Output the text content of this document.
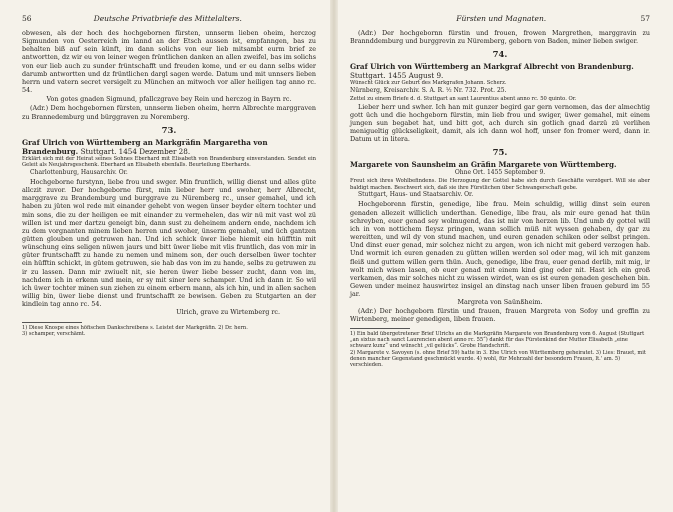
56	Deutsche Privatbriefe des Mittelalters.

obwesen, als der hoch des hochgebornen fürsten, unnserm lieben oheim, herczog Sigmunden von Oesterreich im lannd an der Etsch aussen ist, empfanngen, bas zu behalten biß auf sein künft, im dann solichs von eur lieb mitsambt eurm brief ze antwortten, dz wir eu von leiner wegen früntlichen danken an allen zweifel, bas im solichs von eur lieb auch zu sunder früntschafft und freuden kome, und er eu dann selbs wider darumb antwortten und dz früntlichen dargl sagen werde. Datum und mit unnsers lieben herrn und vatern secret versigelt zu München an mitwoch vor aller heiligen tag anno rc. 54.

Von gotes gnaden Sigmund, pfallczgrave bey Rein und herczog in Bayrn rc.

(Adr.) Dem hochgebornen fürsten, unnserm lieben oheim, herrn Albrechte marggraven zu Brannedemburg und bürggraven zu Noremberg.

73.

Graf Ulrich von Württemberg an Markgräfin Margaretha von Brandenburg. Stuttgart. 1454 Dezember 28.

Erklärt sich mit der Heirat seines Sohnes Eberhard mit Elisabeth von Brandenburg einverstanden. Sendet ein Geleit als Neujahrsgeschenk. Eberhard an Elisabeth ebenfalls. Beurteilung Eberhards.

Charlottenburg, Hausarchiv. Or.

Hochgeborne furstynn, liebe frou und swger. Min fruntlich, willig dienst und alles güte allczit zuvor. Der hochgeborne fürst, min lieber herr und swoher, herr Albrecht, marggrave zu Brandemburg und burggrave zu Nüremberg rc., unser gemahel, und ich haben zu jüten wol rede mit einander gehebt von wegen ünser beyder eltern tochter und min sons, die zu der heiligen ee mit einander zu vermehelen, das wir nü mit vast wol zü willen ist und mer dartzu geneigt bin, dann sust zu deheinem andern ende, nachdem ich zu dem vorgnanten minem lieben herren und swoher, ünserm gemahel, und üch gantzen gütten glouben und getruwen han. Und ich schick üwer liebe hiemit ein hüffttin mit wünschung eins seligen nüwen jaurs und bitt üwer liebe mit vlis fruntlich, das von mir in güter fruntschafft zu hande zu nemen und minem son, der ouch derselben üwer tochter ein hüfftin schickt, in gütem getruwen, sie hab das von im zu hande, selbs zu getruwen zu ir zu lassen. Dann mir zwiuelt nit, sie heren üwer liebe besser zucht, dann von im, nachdem ich in erkenn und mein, er sy mit siner lere schamper. Und ich dann ir. So wil ich üwer tochter minen sun ziehen zu einem erbern mann, als ich hin, und in allen sachen willig bin, üwer liebe dienst und fruntschafft ze bewisen. Geben zu Stutgarten an der kindlein tag anno rc. 54.

Ulrich, grave zu Wirtemberg rc.

1) Diese Knospe eines höfischen Dankschreibens s. Leistet der Markgräfin. 2) Dr. hern.

3) schamper, verschämt.

Fürsten und Magnaten.	57

(Adr.) Der hochgebornn fürstin und frouen, frowen Margrethen, marggravin zu Brannddemburg und burggrevin zu Nüremberg, geborn von Baden, miner lieben swiger.

74.

Graf Ulrich von Württemberg an Markgraf Albrecht von Brandenburg. Stuttgart. 1455 August 9.

Wünscht Glück zur Geburt des Markgrafen Johann. Scherz.

Nürnberg, Kreisarchiv. S. A. R. ½ Nr. 732. Prot. 25.

Zettel zu einem Briefe d. d. Stuttgart an sant Laurentius abent anno rc. 50 quinto. Or.

Lieber herr und swher. Ich han mit gunzer begird gar gern vernomen, das der almechtig gott üch und die hochgeborn fürstin, min lieb frou und swiger, üwer gemahel, mit einem jungen sun begabet hat, und bitt got, ach durch sin gotlich gnad darzü zü verlihen menigueltig glückseligkeit, damit, als ich dann wol hoff, unser fon fromer werd, dann ir. Datum ut in litera.

75.

Margarete von Saunsheim an Gräfin Margarete von Württemberg.

Ohne Ort. 1455 September 9.

Freut sich ihres Wohlbefindens. Die Herzogung der Gottel habe sich durch Geschäfte verzögert. Will sie aber baldigt machen. Beschwert sich, daß sie ihre Fürstlichen über Schwangerschaft gebe.

Stuttgart, Haus- und Staatsarchiv. Or.

Hochgeborenn fürstin, genedige, libe frau. Mein schuldig, willig dinst sein euren genaden allezeit williclich underthan. Genedige, libe frau, als mir eure genad hat thün schreyben, euer genad sey wolmugend, das ist mir von herzen lib. Und umb dy gottel will ich in von nottichem fleysz pringen, wann sollich müß nit wyssen gehaben, dy gar zu wereitten, und wil dy von stund machen, und euren genaden schiken oder selbst pringen. Und dinst euer genad, mir solchez nicht zu argen, won ich nicht mit geberd verzogen hab. Und wormit ich euren genaden zu gütten willen werden sol oder mag, wil ich mit ganzem fleiß und guttem willen gern thün. Auch, genedige, libe frau, euer genad derlib, mit mig, ir wolt mich wisen lasen, ob euer genad mit einem kind ging oder nit. Hast ich ein groß verkamen, das mir solches nicht zu wissen wirdet, wan es ist euren genaden geschehen bin. Gewen under meinez hauswirtez insigel an dinstag nach unser liben frauen geburd im 55 jar.

Margreta von Saünßheim.

(Adr.) Der hochgeborn fürstin und frauen, frauen Margreta von Sofoy und greffin zu Wirtenberg, meiner genedigen, liben frauen.

1) Ein bald übergetretener Brief Ulrichs an die Markgräfin Margarete von Brandenburg vom 6. August (Stuttgart „an sixtus nach sanct Laurencien abent anno rc. 55“) dankt für das Fürstenkind der Mutter Elisabeth „eine schwarz kunz“ und wünscht „vil gelücks“. Grobe Handschrift.

2) Margarete v. Savoyen (s. ohne Brief 59) hatte in 3. Ehe Ulrich von Württemberg geheiratet. 3) Lies: Brauet, mit denen mancher Gegenstand geschmückt wurde. 4) wohl, für Mehrzahl der besondern Frauen, lt.' am. 5) verschieden.
